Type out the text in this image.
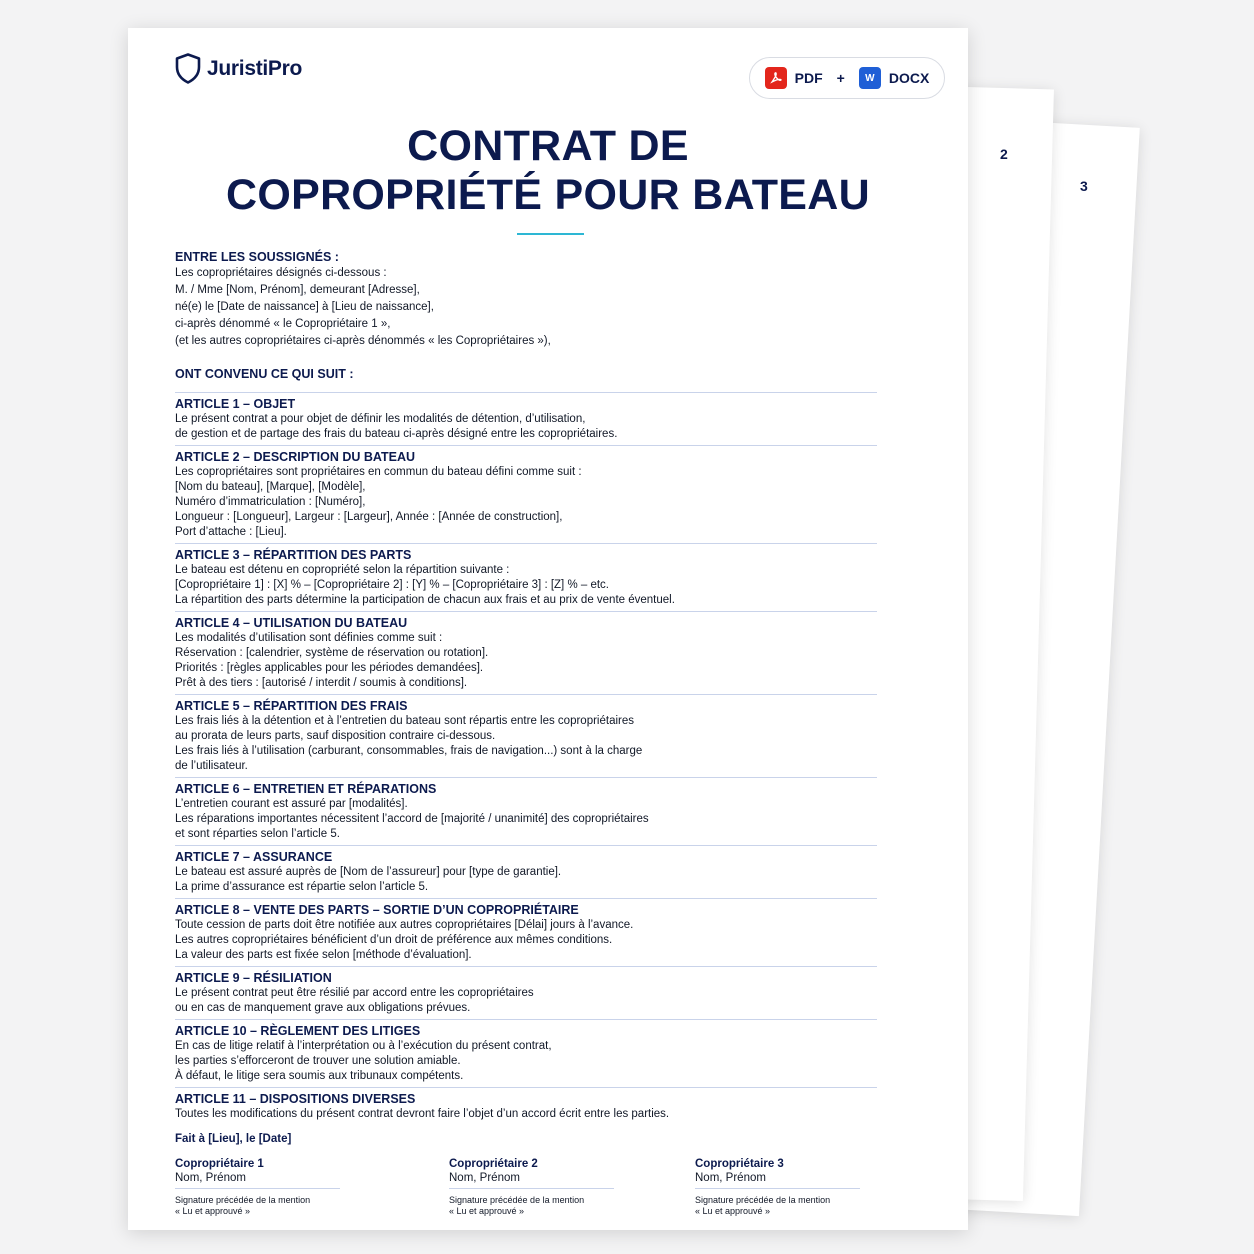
2
3
JuristiPro	PDF +	W	DOCX
CONTRAT DE
COPROPRIÉTÉ POUR BATEAU

ENTRE LES SOUSSIGNÉS :

Les copropriétaires désignés ci-dessous :
M. / Mme [Nom, Prénom], demeurant [Adresse],
né(e) le [Date de naissance] à [Lieu de naissance],
ci-après dénommé « le Copropriétaire 1 »,
(et les autres copropriétaires ci-après dénommés « les Copropriétaires »),

ONT CONVENU CE QUI SUIT :

ARTICLE 1 – OBJET

Le présent contrat a pour objet de définir les modalités de détention, d’utilisation,
de gestion et de partage des frais du bateau ci-après désigné entre les copropriétaires.

ARTICLE 2 – DESCRIPTION DU BATEAU

Les copropriétaires sont propriétaires en commun du bateau défini comme suit :
[Nom du bateau], [Marque], [Modèle],
Numéro d’immatriculation : [Numéro],
Longueur : [Longueur], Largeur : [Largeur], Année : [Année de construction],
Port d’attache : [Lieu].

ARTICLE 3 – RÉPARTITION DES PARTS

Le bateau est détenu en copropriété selon la répartition suivante :
[Copropriétaire 1] : [X] % – [Copropriétaire 2] : [Y] % – [Copropriétaire 3] : [Z] % – etc.
La répartition des parts détermine la participation de chacun aux frais et au prix de vente éventuel.

ARTICLE 4 – UTILISATION DU BATEAU

Les modalités d’utilisation sont définies comme suit :
Réservation : [calendrier, système de réservation ou rotation].
Priorités : [règles applicables pour les périodes demandées].
Prêt à des tiers : [autorisé / interdit / soumis à conditions].

ARTICLE 5 – RÉPARTITION DES FRAIS

Les frais liés à la détention et à l’entretien du bateau sont répartis entre les copropriétaires
au prorata de leurs parts, sauf disposition contraire ci-dessous.
Les frais liés à l’utilisation (carburant, consommables, frais de navigation...) sont à la charge
de l’utilisateur.

ARTICLE 6 – ENTRETIEN ET RÉPARATIONS

L’entretien courant est assuré par [modalités].
Les réparations importantes nécessitent l’accord de [majorité / unanimité] des copropriétaires
et sont réparties selon l’article 5.

ARTICLE 7 – ASSURANCE

Le bateau est assuré auprès de [Nom de l’assureur] pour [type de garantie].
La prime d’assurance est répartie selon l’article 5.

ARTICLE 8 – VENTE DES PARTS – SORTIE D’UN COPROPRIÉTAIRE

Toute cession de parts doit être notifiée aux autres copropriétaires [Délai] jours à l’avance.
Les autres copropriétaires bénéficient d’un droit de préférence aux mêmes conditions.
La valeur des parts est fixée selon [méthode d’évaluation].

ARTICLE 9 – RÉSILIATION

Le présent contrat peut être résilié par accord entre les copropriétaires
ou en cas de manquement grave aux obligations prévues.

ARTICLE 10 – RÈGLEMENT DES LITIGES

En cas de litige relatif à l’interprétation ou à l’exécution du présent contrat,
les parties s’efforceront de trouver une solution amiable.
À défaut, le litige sera soumis aux tribunaux compétents.

ARTICLE 11 – DISPOSITIONS DIVERSES

Toutes les modifications du présent contrat devront faire l’objet d’un accord écrit entre les parties.

Fait à [Lieu], le [Date]

Copropriétaire 1
Nom, Prénom
Signature précédée de la mention
« Lu et approuvé »
Copropriétaire 2
Nom, Prénom
Signature précédée de la mention
« Lu et approuvé »
Copropriétaire 3
Nom, Prénom
Signature précédée de la mention
« Lu et approuvé »
